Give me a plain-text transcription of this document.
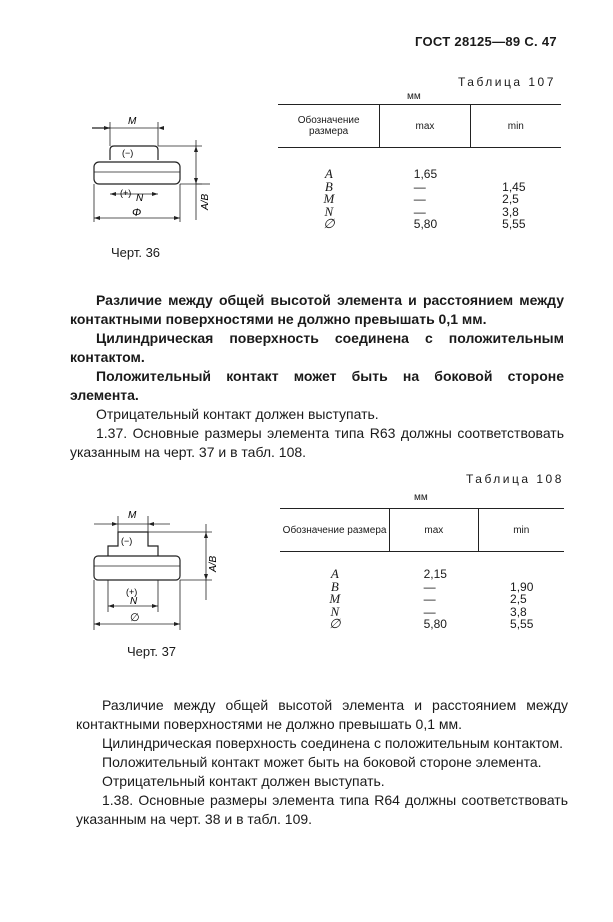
ГОСТ 28125—89 С. 47
Таблица 107
мм
Обозначение размера	max	min

A	1,65	
B	—	1,45
M	—	2,5
N	—	3,8
∅	5,80	5,55
M
(−)
(+) N
Φ
A/B
Черт. 36

Различие между общей высотой элемента и расстоянием между контактными поверхностями не должно превышать 0,1 мм.

Цилиндрическая поверхность соединена с положительным контактом.

Положительный контакт может быть на боковой стороне элемента.

Отрицательный контакт должен выступать.

1.37. Основные размеры элемента типа R63 должны соответствовать указанным на черт. 37 и в табл. 108.

Таблица 108
мм
Обозначение размера	max	min

A	2,15	
B	—	1,90
M	—	2,5
N	—	3,8
∅	5,80	5,55
M
(−)
(+)
N
∅
A/B
Черт. 37

Различие между общей высотой элемента и расстоянием между контактными поверхностями не должно превышать 0,1 мм.

Цилиндрическая поверхность соединена с положительным контактом.

Положительный контакт может быть на боковой стороне элемента.

Отрицательный контакт должен выступать.

1.38. Основные размеры элемента типа R64 должны соответствовать указанным на черт. 38 и в табл. 109.
